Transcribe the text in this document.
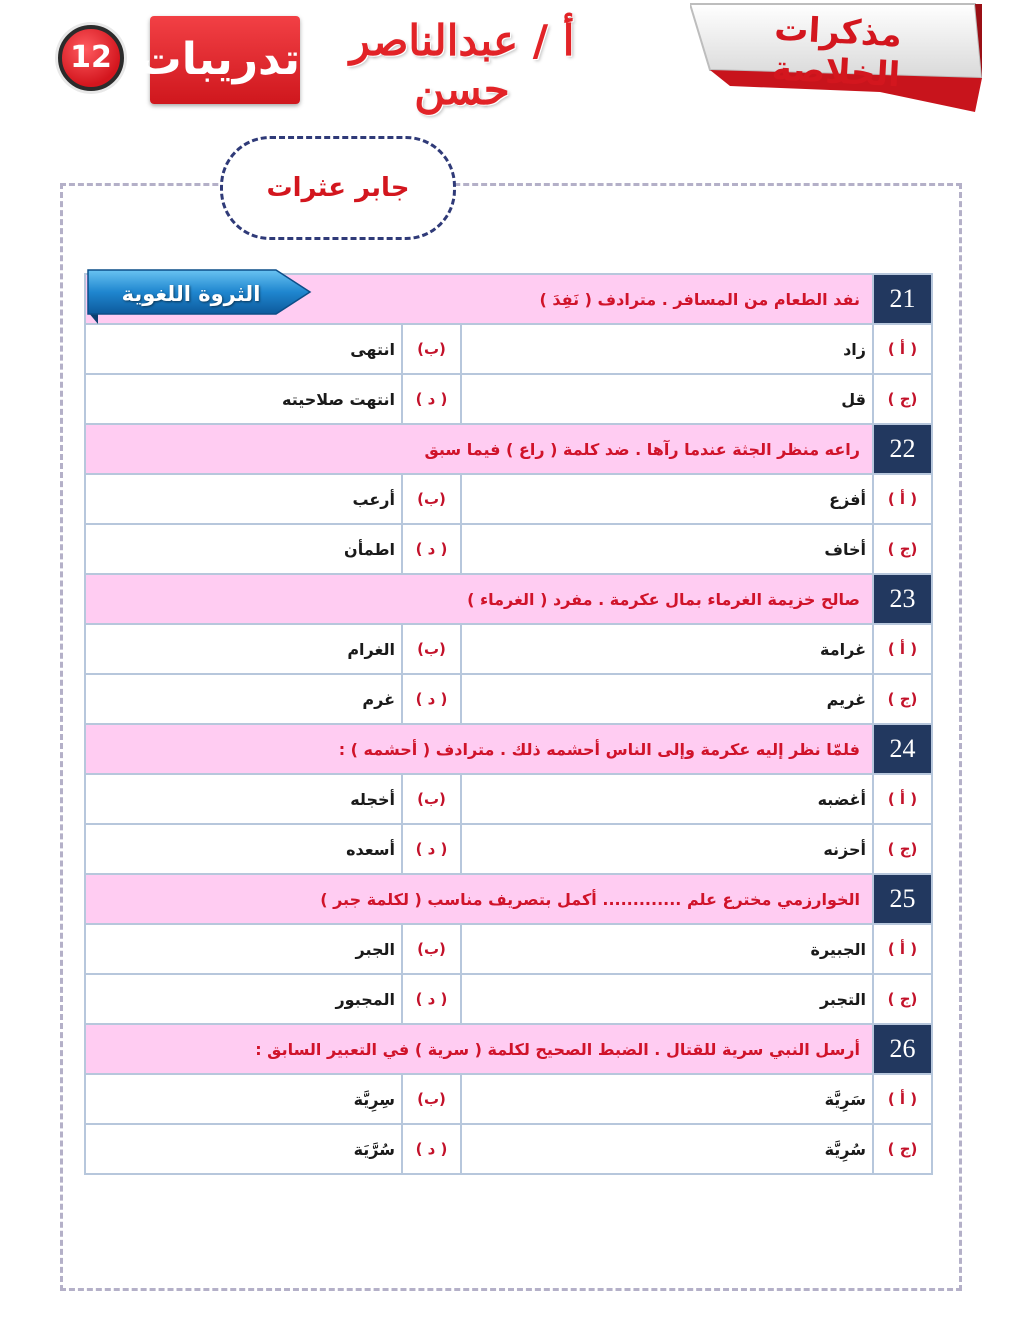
مذكرات الخلاصة
أ / عبدالناصر حسن
تدريبات
12
جابر عثرات
21	نفد الطعام من المسافر . مترادف ( نَفِدَ )		
( أ )	زاد	(ب)	انتهى
(ج )	قل	( د )	انتهت صلاحيته
22	راعه منظر الجثة عندما رآها . ضد كلمة ( راع ) فيما سبق		
( أ )	أفزع	(ب)	أرعب
(ج )	أخاف	( د )	اطمأن
23	صالح خزيمة الغرماء بمال عكرمة . مفرد ( الغرماء )		
( أ )	غرامة	(ب)	الغرام
(ج )	غريم	( د )	غرم
24	فلمّا نظر إليه عكرمة وإلى الناس أحشمه ذلك . مترادف ( أحشمه ) :		
( أ )	أغضبه	(ب)	أخجله
(ج )	أحزنه	( د )	أسعده
25	الخوارزمي مخترع علم ............. أكمل بتصريف مناسب ( لكلمة جبر )		
( أ )	الجبيرة	(ب)	الجبر
(ج )	التجبر	( د )	المجبور
26	أرسل النبي سرية للقتال . الضبط الصحيح لكلمة ( سرية ) في التعبير السابق :		
( أ )	سَرِيَّة	(ب)	سِرِيَّة
(ج )	سُرِيَّة	( د )	سُرَّيَة
الثروة اللغوية
